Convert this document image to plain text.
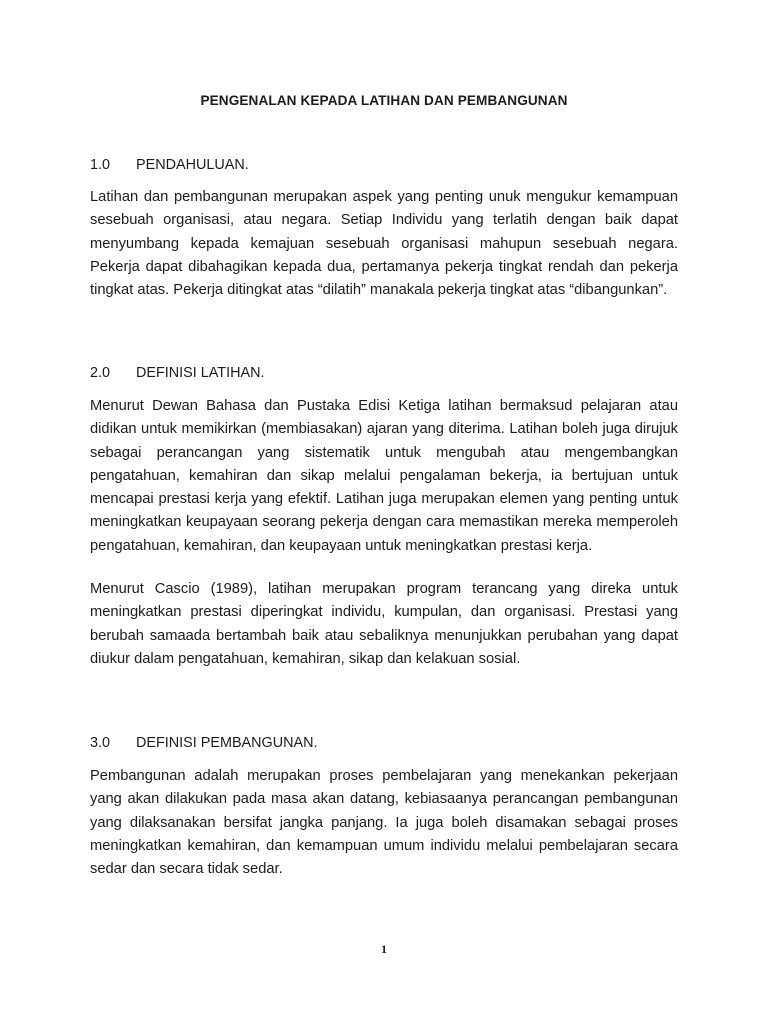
PENGENALAN KEPADA LATIHAN DAN PEMBANGUNAN
1.0 PENDAHULUAN.

Latihan dan pembangunan merupakan aspek yang penting unuk mengukur kemampuan sesebuah organisasi, atau negara. Setiap Individu yang terlatih dengan baik dapat menyumbang kepada kemajuan sesebuah organisasi mahupun sesebuah negara. Pekerja dapat dibahagikan kepada dua, pertamanya pekerja tingkat rendah dan pekerja tingkat atas. Pekerja ditingkat atas “dilatih” manakala pekerja tingkat atas “dibangunkan”.

2.0 DEFINISI LATIHAN.

Menurut Dewan Bahasa dan Pustaka Edisi Ketiga latihan bermaksud pelajaran atau didikan untuk memikirkan (membiasakan) ajaran yang diterima. Latihan boleh juga dirujuk sebagai perancangan yang sistematik untuk mengubah atau mengembangkan pengatahuan, kemahiran dan sikap melalui pengalaman bekerja, ia bertujuan untuk mencapai prestasi kerja yang efektif. Latihan juga merupakan elemen yang penting untuk meningkatkan keupayaan seorang pekerja dengan cara memastikan mereka memperoleh pengatahuan, kemahiran, dan keupayaan untuk meningkatkan prestasi kerja.

Menurut Cascio (1989), latihan merupakan program terancang yang direka untuk meningkatkan prestasi diperingkat individu, kumpulan, dan organisasi. Prestasi yang berubah samaada bertambah baik atau sebaliknya menunjukkan perubahan yang dapat diukur dalam pengatahuan, kemahiran, sikap dan kelakuan sosial.

3.0 DEFINISI PEMBANGUNAN.

Pembangunan adalah merupakan proses pembelajaran yang menekankan pekerjaan yang akan dilakukan pada masa akan datang, kebiasaanya perancangan pembangunan yang dilaksanakan bersifat jangka panjang. Ia juga boleh disamakan sebagai proses meningkatkan kemahiran, dan kemampuan umum individu melalui pembelajaran secara sedar dan secara tidak sedar.

1
